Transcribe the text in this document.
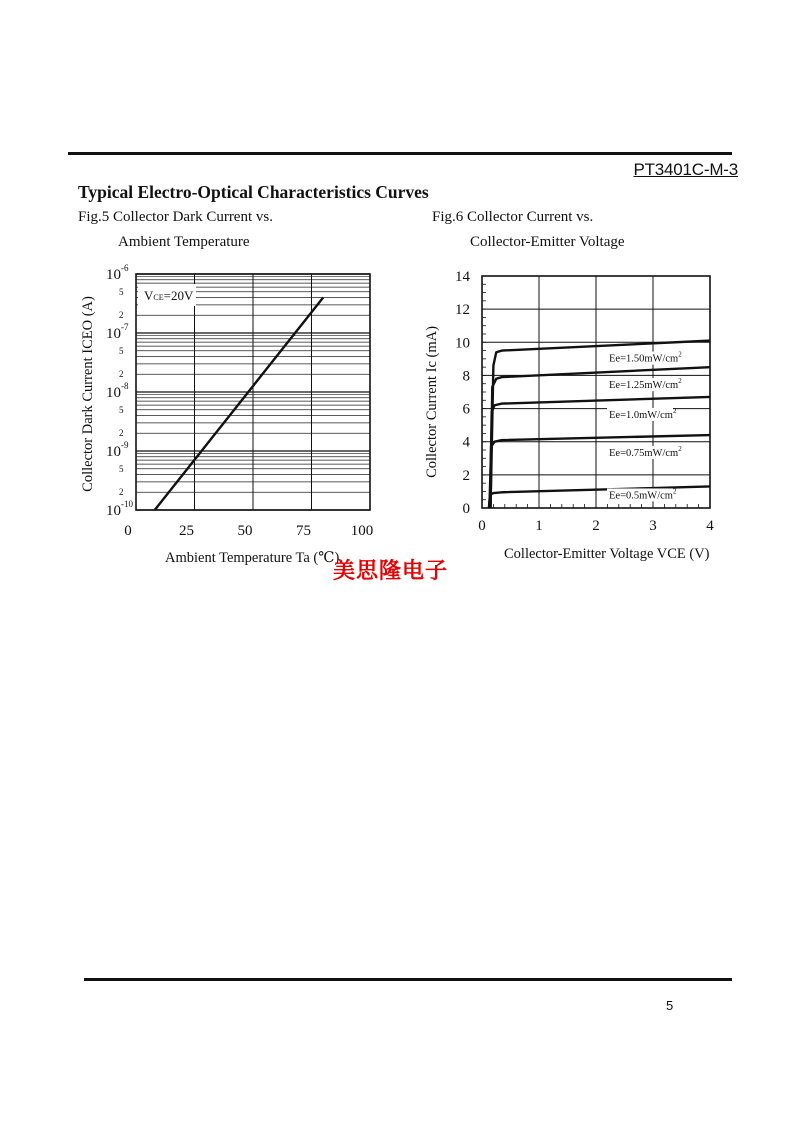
PT3401C-M-3
Typical Electro-Optical Characteristics Curves
Fig.5 Collector Dark Current vs.
Ambient Temperature
Fig.6 Collector Current vs.
Collector-Emitter Voltage
0	25	50	75	100
$10^{-6}$
$10^{-7}$
$10^{-8}$
$10^{-9}$
$10^{-10}$
5
2
5
2
5
2
5
2
VCE=20V
Ambient Temperature Ta (℃)
Collector Dark Current ICEO (A)
0
2
4
6
8
10
12
14
0	1	2	3	4
$Ee=1.50mW/cm^2$
$Ee=1.25mW/cm^2$
$Ee=1.0mW/cm^2$
$Ee=0.75mW/cm^2$
$Ee=0.5mW/cm^2$
Collector-Emitter Voltage VCE (V)
Collector Current Ic (mA)
美思隆电子
5
